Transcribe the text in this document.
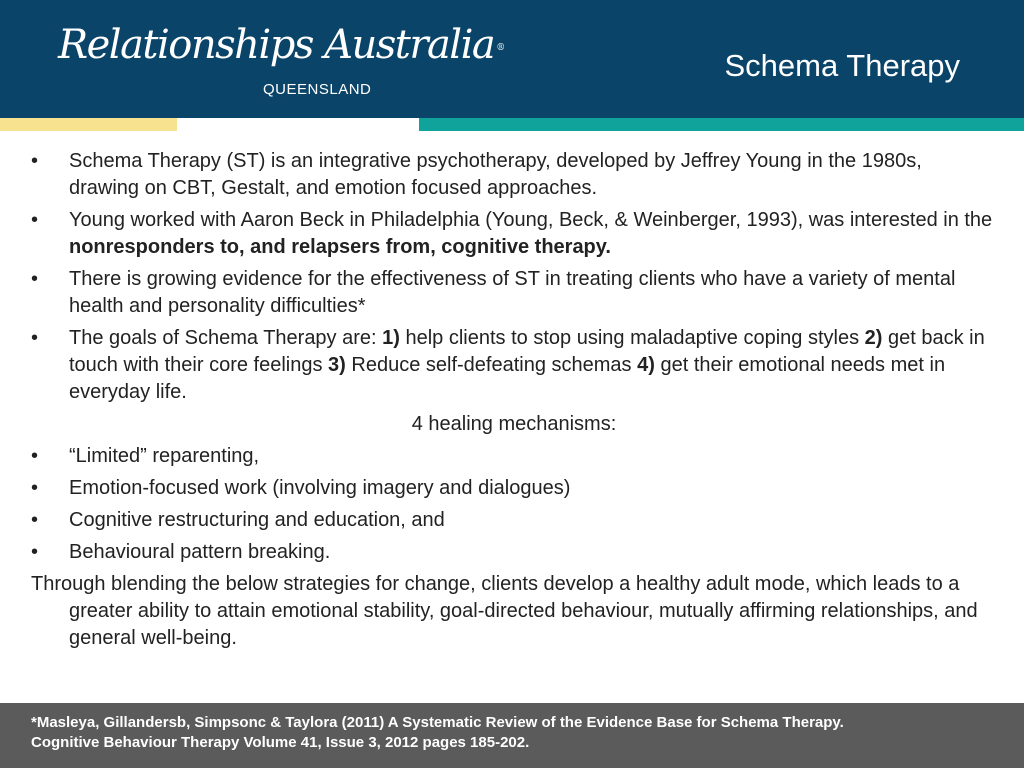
Relationships Australia ®
QUEENSLAND
Schema Therapy

• Schema Therapy (ST) is an integrative psychotherapy, developed by Jeffrey Young in the 1980s, drawing on CBT, Gestalt, and emotion focused approaches.

• Young worked with Aaron Beck in Philadelphia (Young, Beck, & Weinberger, 1993), was interested in the nonresponders to, and relapsers from, cognitive therapy.

• There is growing evidence for the effectiveness of ST in treating clients who have a variety of mental health and personality difficulties*

• The goals of Schema Therapy are: 1) help clients to stop using maladaptive coping styles 2) get back in touch with their core feelings 3) Reduce self-defeating schemas 4) get their emotional needs met in everyday life.

4 healing mechanisms:

• “Limited” reparenting,

• Emotion-focused work (involving imagery and dialogues)

• Cognitive restructuring and education, and

• Behavioural pattern breaking.

Through blending the below strategies for change, clients develop a healthy adult mode, which leads to a greater ability to attain emotional stability, goal-directed behaviour, mutually affirming relationships, and general well-being.

*Masleya, Gillandersb, Simpsonc & Taylora (2011) A Systematic Review of the Evidence Base for Schema Therapy.
Cognitive Behaviour Therapy Volume 41, Issue 3, 2012 pages 185-202.
